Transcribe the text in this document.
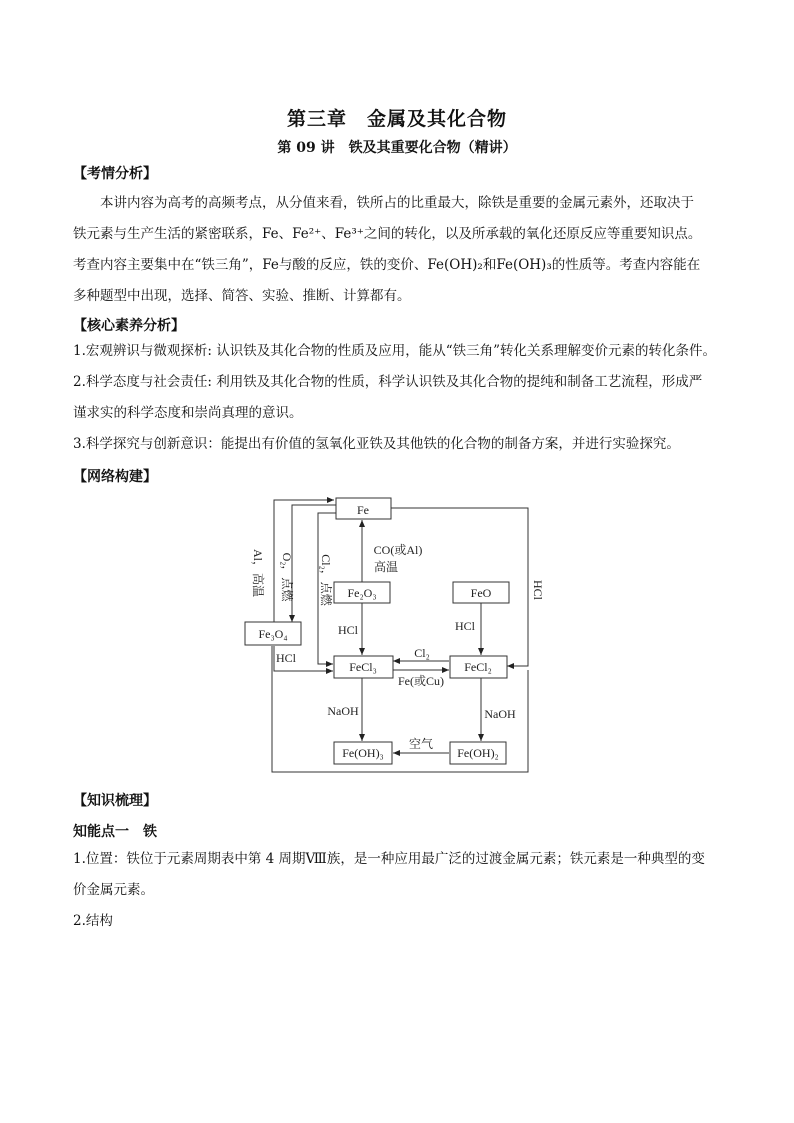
第三章　金属及其化合物
第 09 讲　铁及其重要化合物（精讲）
【考情分析】
本讲内容为高考的高频考点，从分值来看，铁所占的比重最大，除铁是重要的金属元素外，还取决于
铁元素与生产生活的紧密联系，Fe、Fe²⁺、Fe³⁺之间的转化，以及所承载的氧化还原反应等重要知识点。
考查内容主要集中在“铁三角”，Fe与酸的反应，铁的变价、Fe(OH)₂和Fe(OH)₃的性质等。考查内容能在
多种题型中出现，选择、简答、实验、推断、计算都有。
【核心素养分析】
1.宏观辨识与微观探析: 认识铁及其化合物的性质及应用，能从“铁三角”转化关系理解变价元素的转化条件。
2.科学态度与社会责任: 利用铁及其化合物的性质，科学认识铁及其化合物的提纯和制备工艺流程，形成严
谨求实的科学态度和崇尚真理的意识。
3.科学探究与创新意识：能提出有价值的氢氧化亚铁及其他铁的化合物的制备方案，并进行实验探究。
【网络构建】
Fe
Fe₂O₃	FeO
Fe₃O₄
FeCl₃	FeCl₂
Fe(OH)₃	Fe(OH)₂
CO(或Al)
高温
HCl	HCl
HCl	Cl₂
Fe(或Cu)
NaOH	NaOH
空气
Al，高温 O₂，点燃 Cl₂，点燃	HCl
【知识梳理】
知能点一　铁
1.位置：铁位于元素周期表中第 4 周期Ⅷ族，是一种应用最广泛的过渡金属元素；铁元素是一种典型的变
价金属元素。
2.结构
